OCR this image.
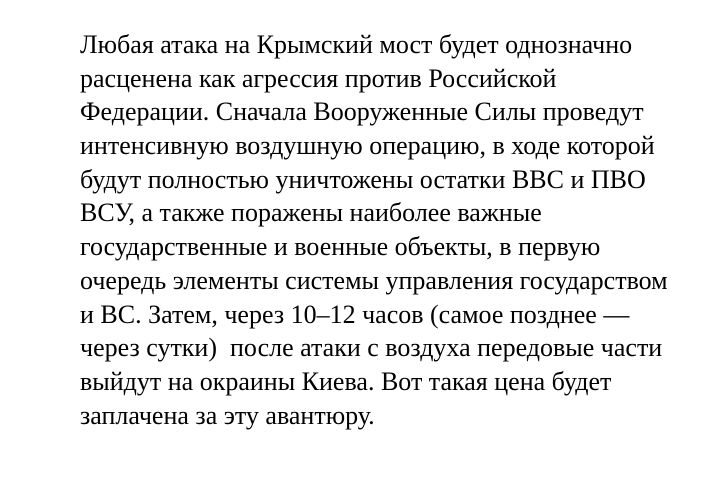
Любая атака на Крымский мост будет однозначно
расценена как агрессия против Российской
Федерации. Сначала Вооруженные Силы проведут
интенсивную воздушную операцию, в ходе которой
будут полностью уничтожены остатки ВВС и ПВО
ВСУ, а также поражены наиболее важные
государственные и военные объекты, в первую
очередь элементы системы управления государством
и ВС. Затем, через 10–12 часов (самое позднее —
через сутки)  после атаки с воздуха передовые части
выйдут на окраины Киева. Вот такая цена будет
заплачена за эту авантюру.
